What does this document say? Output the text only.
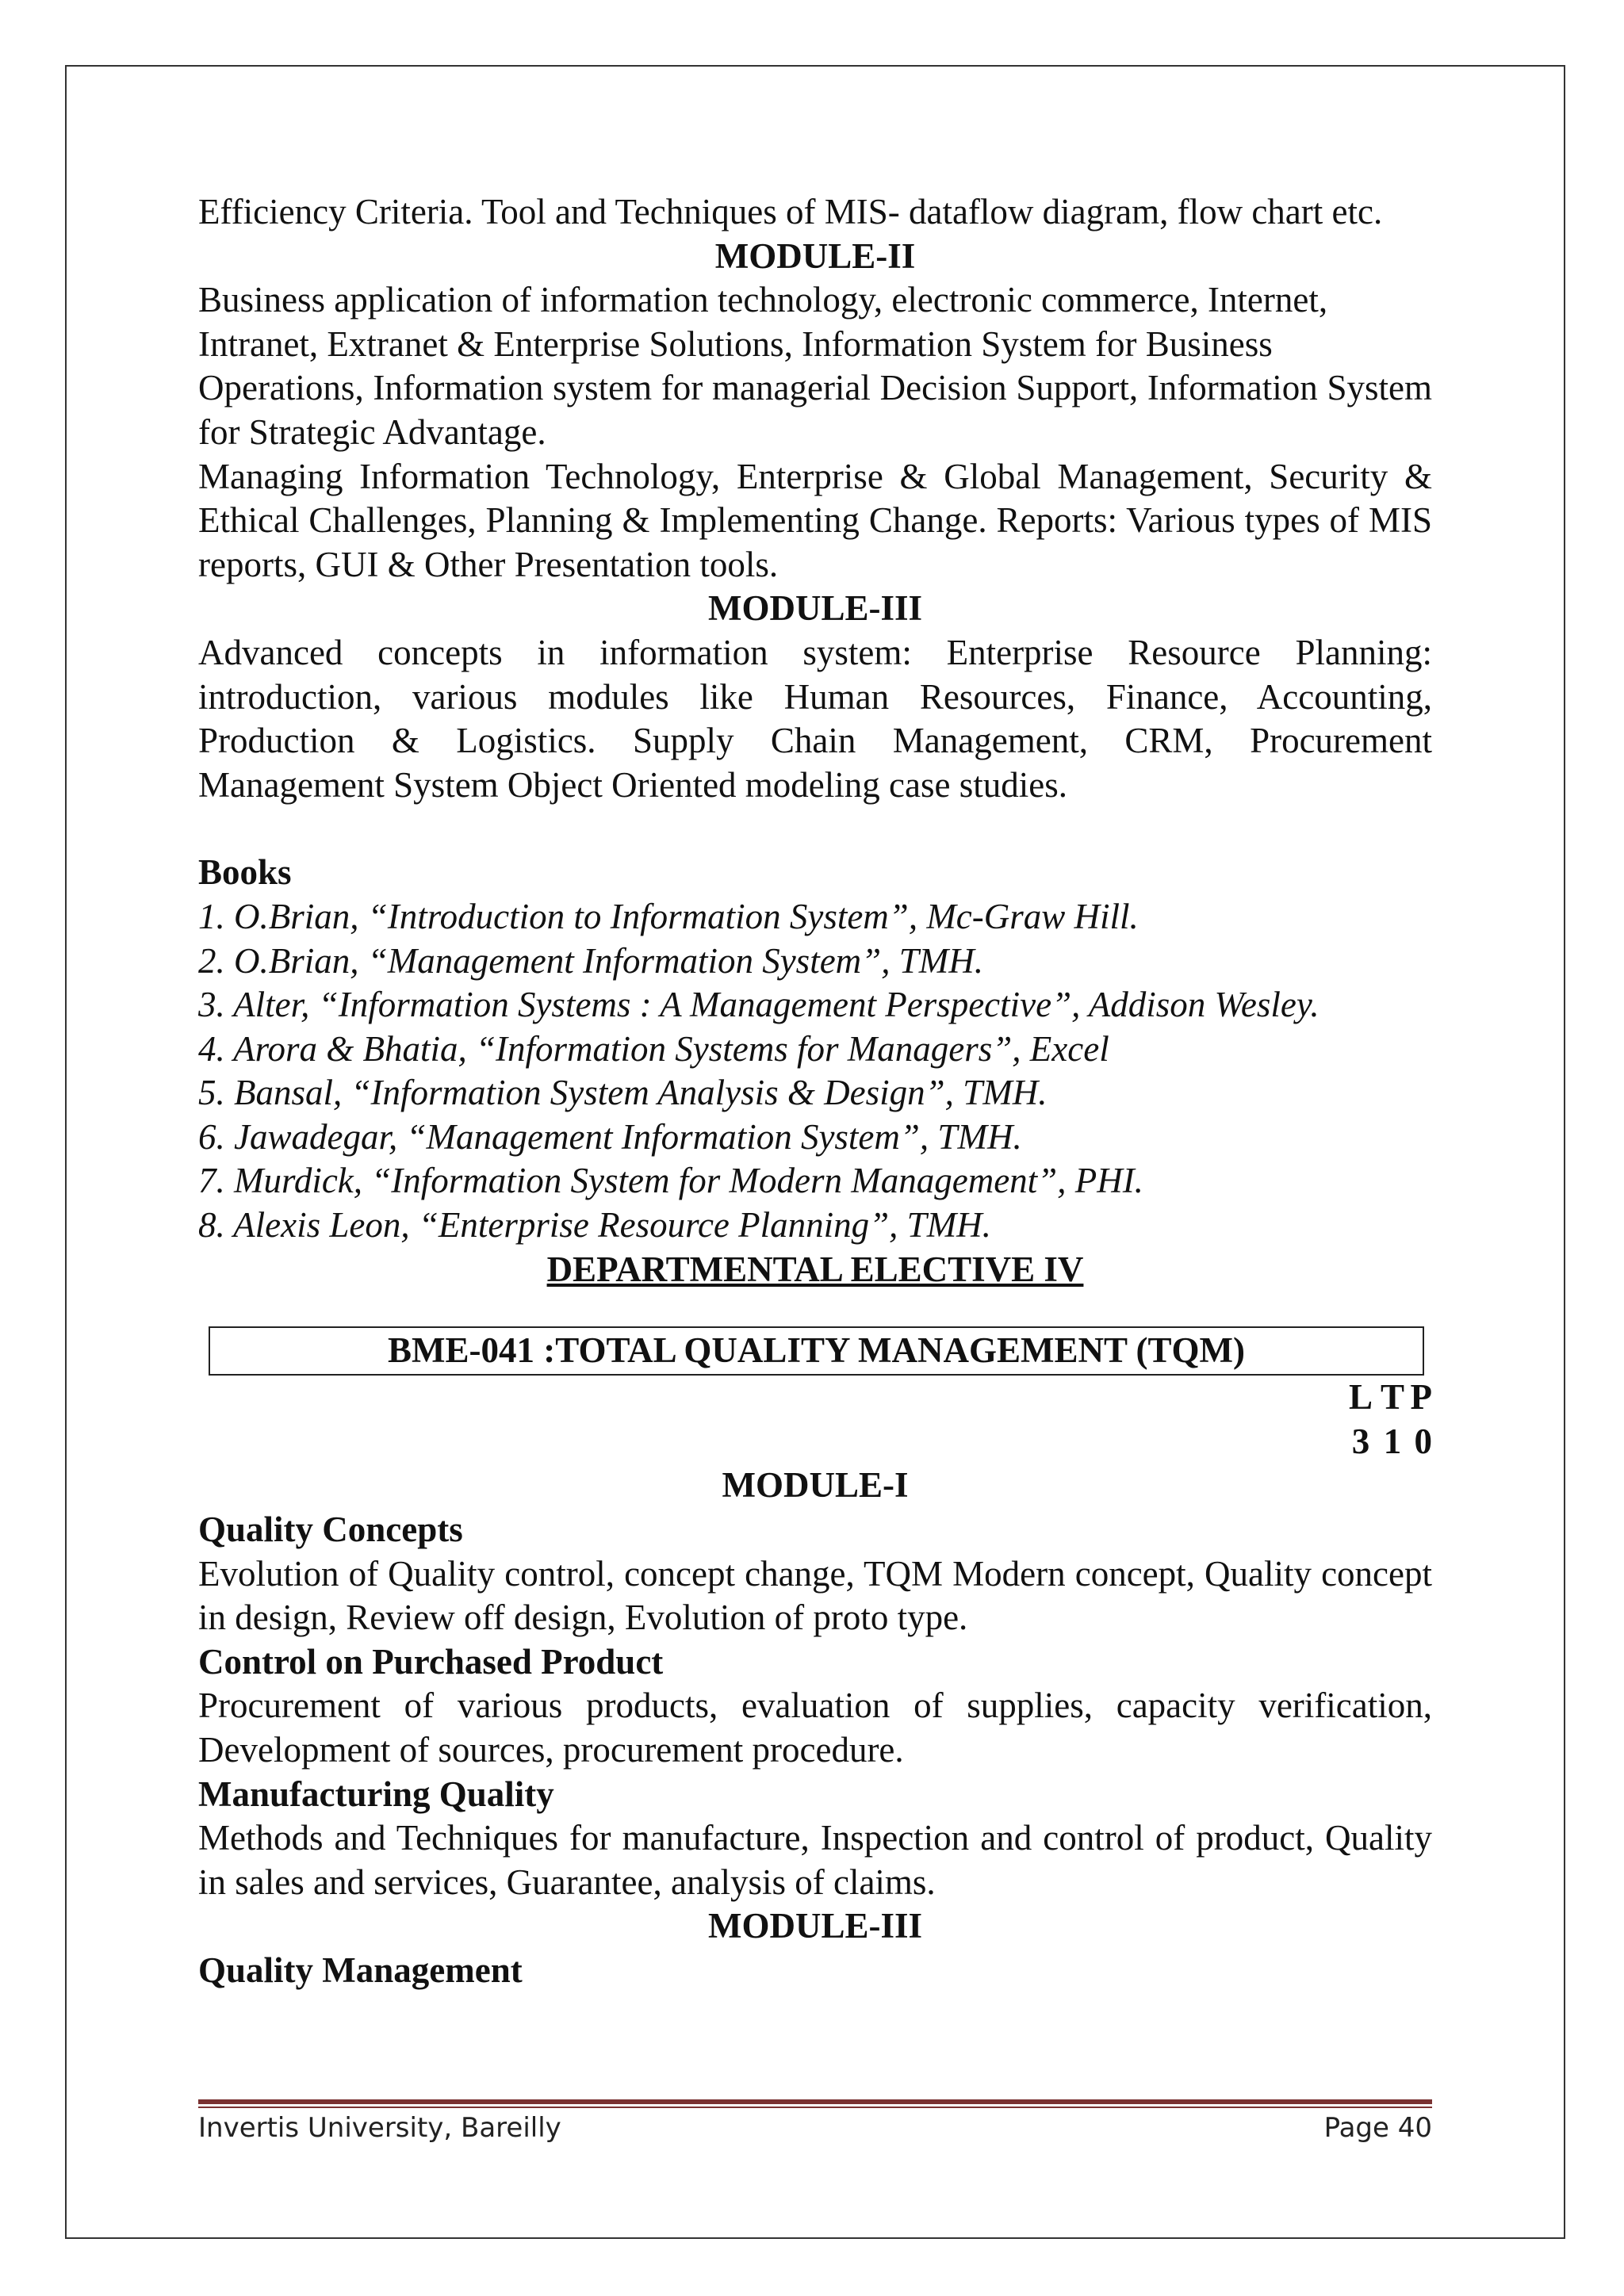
Efficiency Criteria. Tool and Techniques of MIS- dataflow diagram, flow chart etc.

MODULE-II

Business application of information technology, electronic commerce, Internet,

Intranet, Extranet & Enterprise Solutions, Information System for Business

Operations, Information system for managerial Decision Support, Information System for Strategic Advantage.

Managing Information Technology, Enterprise & Global Management, Security & Ethical Challenges, Planning & Implementing Change. Reports: Various types of MIS reports, GUI & Other Presentation tools.

MODULE-III

Advanced concepts in information system: Enterprise Resource Planning: introduction, various modules like Human Resources, Finance, Accounting, Production & Logistics. Supply Chain Management, CRM, Procurement Management System Object Oriented modeling case studies.

Books

1. O.Brian, “Introduction to Information System”, Mc-Graw Hill.

2. O.Brian, “Management Information System”, TMH.

3. Alter, “Information Systems : A Management Perspective”, Addison Wesley.

4. Arora & Bhatia, “Information Systems for Managers”, Excel

5. Bansal, “Information System Analysis & Design”, TMH.

6. Jawadegar, “Management Information System”, TMH.

7. Murdick, “Information System for Modern Management”, PHI.

8. Alexis Leon, “Enterprise Resource Planning”, TMH.

DEPARTMENTAL ELECTIVE IV

BME-041 :TOTAL QUALITY MANAGEMENT (TQM)
L T P
3 1 0

MODULE-I

Quality Concepts

Evolution of Quality control, concept change, TQM Modern concept, Quality concept in design, Review off design, Evolution of proto type.

Control on Purchased Product

Procurement of various products, evaluation of supplies, capacity verification, Development of sources, procurement procedure.

Manufacturing Quality

Methods and Techniques for manufacture, Inspection and control of product, Quality in sales and services, Guarantee, analysis of claims.

MODULE-III

Quality Management

Invertis University, Bareilly	Page 40
